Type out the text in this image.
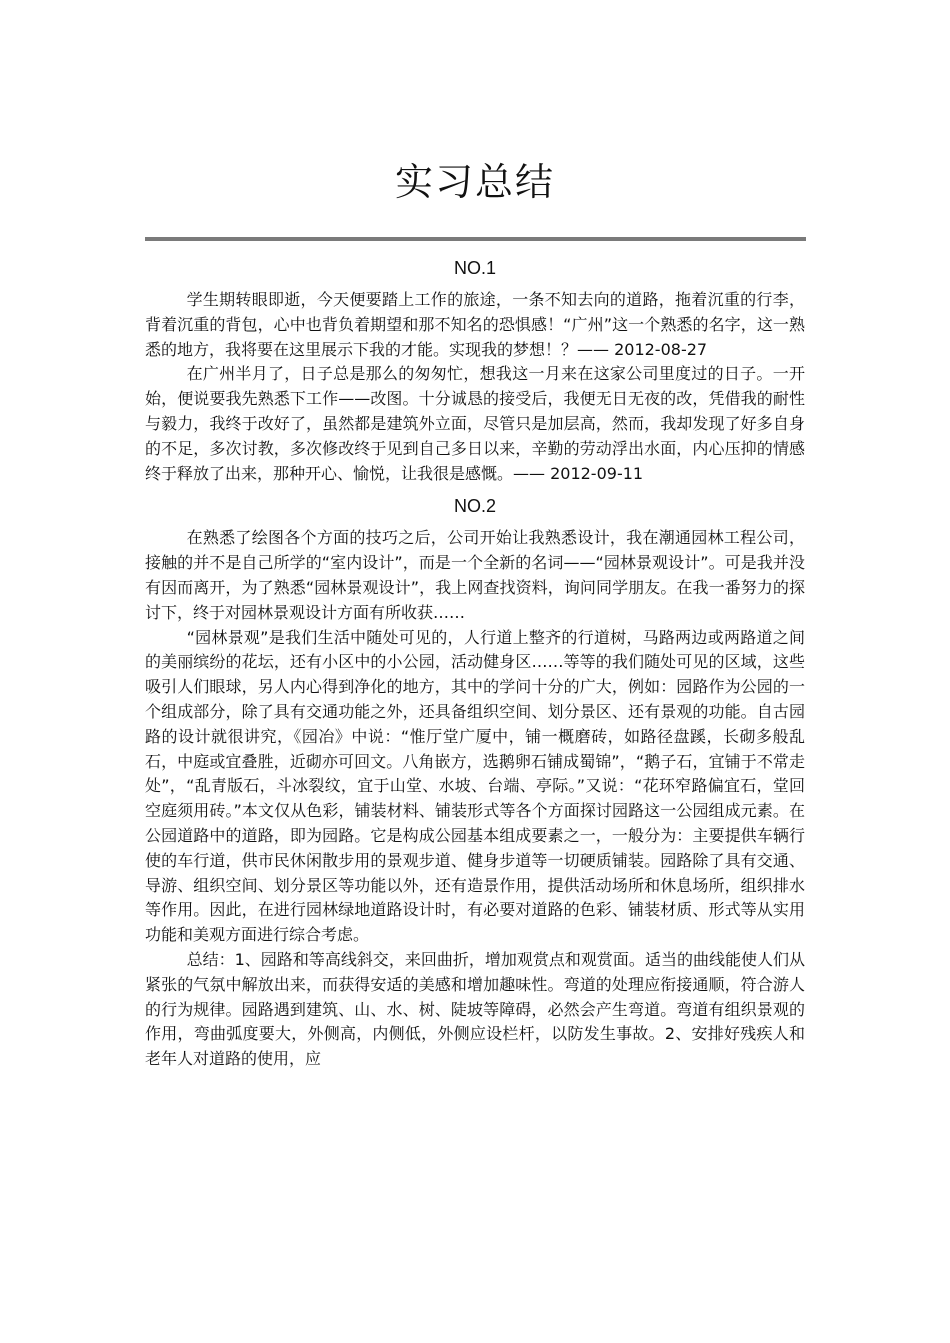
实习总结
NO.1

学生期转眼即逝，今天便要踏上工作的旅途，一条不知去向的道路，拖着沉重的行李，背着沉重的背包，心中也背负着期望和那不知名的恐惧感！“广州”这一个熟悉的名字，这一熟悉的地方，我将要在这里展示下我的才能。实现我的梦想！？—— 2012-08-27

在广州半月了，日子总是那么的匆匆忙，想我这一月来在这家公司里度过的日子。一开始，便说要我先熟悉下工作——改图。十分诚恳的接受后，我便无日无夜的改，凭借我的耐性与毅力，我终于改好了，虽然都是建筑外立面，尽管只是加层高，然而，我却发现了好多自身的不足，多次讨教，多次修改终于见到自己多日以来，辛勤的劳动浮出水面，内心压抑的情感终于释放了出来，那种开心、愉悦，让我很是感慨。—— 2012-09-11

NO.2

在熟悉了绘图各个方面的技巧之后，公司开始让我熟悉设计，我在潮通园林工程公司，接触的并不是自己所学的“室内设计”，而是一个全新的名词——“园林景观设计”。可是我并没有因而离开，为了熟悉“园林景观设计”，我上网查找资料，询问同学朋友。在我一番努力的探讨下，终于对园林景观设计方面有所收获……

“园林景观”是我们生活中随处可见的，人行道上整齐的行道树，马路两边或两路道之间的美丽缤纷的花坛，还有小区中的小公园，活动健身区……等等的我们随处可见的区域，这些吸引人们眼球，另人内心得到净化的地方，其中的学问十分的广大，例如：园路作为公园的一个组成部分，除了具有交通功能之外，还具备组织空间、划分景区、还有景观的功能。自古园路的设计就很讲究，《园冶》中说：“惟厅堂广厦中，铺一概磨砖，如路径盘蹊，长砌多般乱石，中庭或宜叠胜，近砌亦可回文。八角嵌方，选鹅卵石铺成蜀锦”，“鹅子石，宜铺于不常走处”，“乱青版石，斗冰裂纹，宜于山堂、水坡、台端、亭际。”又说：“花环窄路偏宜石，堂回空庭须用砖。”本文仅从色彩，铺装材料、铺装形式等各个方面探讨园路这一公园组成元素。在公园道路中的道路，即为园路。它是构成公园基本组成要素之一，一般分为：主要提供车辆行使的车行道，供市民休闲散步用的景观步道、健身步道等一切硬质铺装。园路除了具有交通、导游、组织空间、划分景区等功能以外，还有造景作用，提供活动场所和休息场所，组织排水等作用。因此，在进行园林绿地道路设计时，有必要对道路的色彩、铺装材质、形式等从实用功能和美观方面进行综合考虑。

总结：1、园路和等高线斜交，来回曲折，增加观赏点和观赏面。适当的曲线能使人们从紧张的气氛中解放出来，而获得安适的美感和增加趣味性。弯道的处理应衔接通顺，符合游人的行为规律。园路遇到建筑、山、水、树、陡坡等障碍，必然会产生弯道。弯道有组织景观的作用，弯曲弧度要大，外侧高，内侧低，外侧应设栏杆，以防发生事故。2、安排好残疾人和老年人对道路的使用，应
